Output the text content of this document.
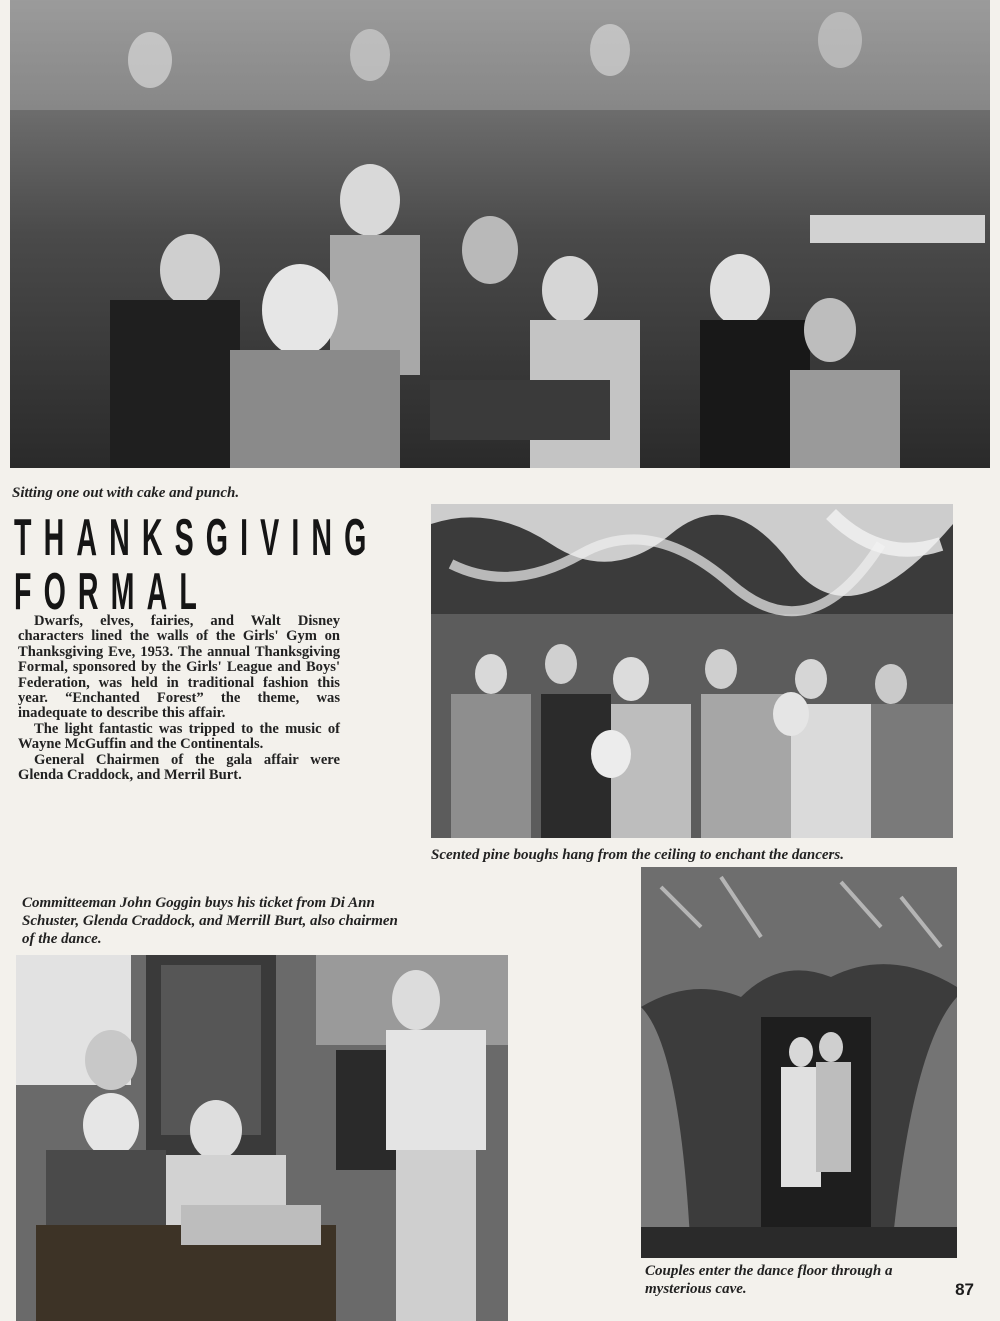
Sitting one out with cake and punch.

THANKSGIVING
FORMAL

Dwarfs, elves, fairies, and Walt Disney characters lined the walls of the Girls' Gym on Thanksgiving Eve, 1953. The annual Thanksgiving Formal, sponsored by the Girls' League and Boys' Federation, was held in traditional fashion this year. “Enchanted Forest” the theme, was inadequate to describe this affair.

The light fantastic was tripped to the music of Wayne McGuffin and the Continentals.

General Chairmen of the gala affair were Glenda Craddock, and Merril Burt.

Scented pine boughs hang from the ceiling to enchant the dancers.

Committeeman John Goggin buys his ticket from Di Ann Schuster, Glenda Craddock, and Merrill Burt, also chairmen of the dance.

Couples enter the dance floor through a mysterious cave.	87
